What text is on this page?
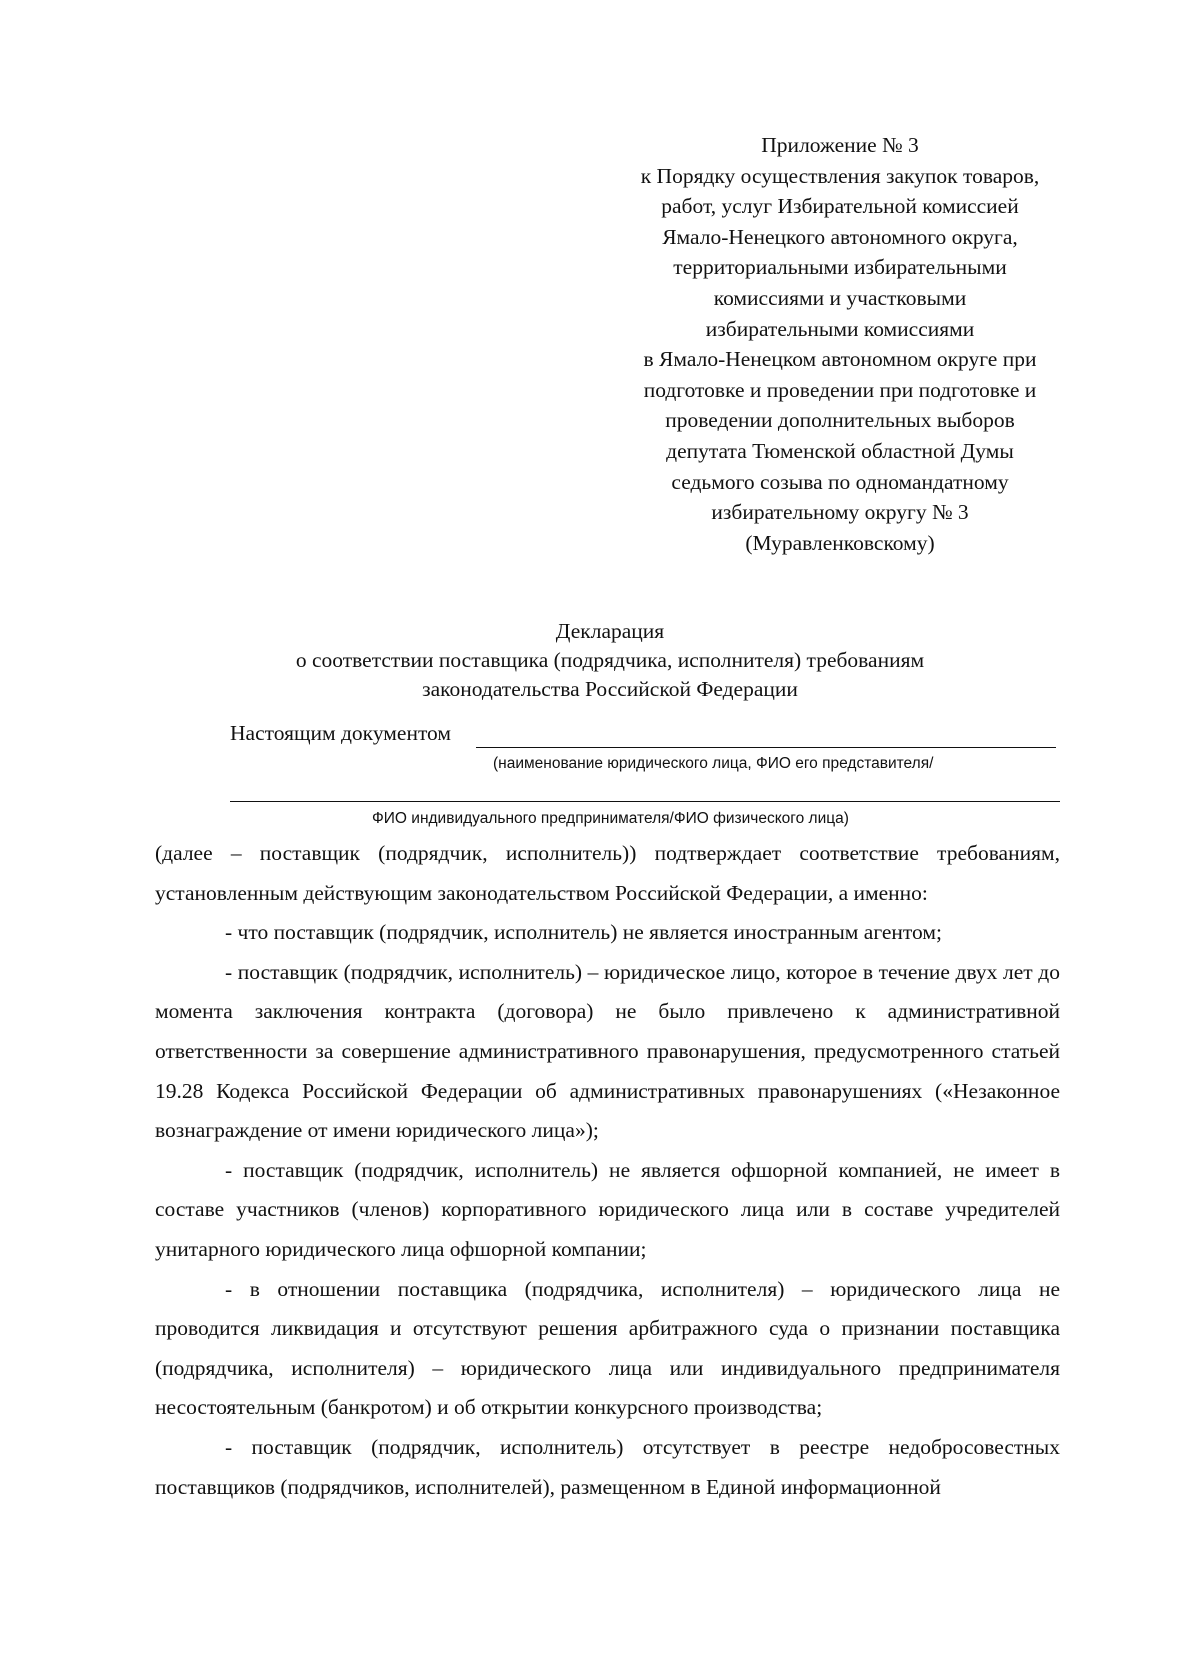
Приложение № 3
к Порядку осуществления закупок товаров,
работ, услуг Избирательной комиссией
Ямало-Ненецкого автономного округа,
территориальными избирательными
комиссиями и участковыми
избирательными комиссиями
в Ямало-Ненецком автономном округе при
подготовке и проведении при подготовке и
проведении дополнительных выборов
депутата Тюменской областной Думы
седьмого созыва по одномандатному
избирательному округу № 3
(Муравленковскому)
Декларация
о соответствии поставщика (подрядчика, исполнителя) требованиям
законодательства Российской Федерации
Настоящим документом
(наименование юридического лица, ФИО его представителя/
ФИО индивидуального предпринимателя/ФИО физического лица)

(далее – поставщик (подрядчик, исполнитель)) подтверждает соответствие требованиям, установленным действующим законодательством Российской Федерации, а именно:

- что поставщик (подрядчик, исполнитель) не является иностранным агентом;

- поставщик (подрядчик, исполнитель) – юридическое лицо, которое в течение двух лет до момента заключения контракта (договора) не было привлечено к административной ответственности за совершение административного правонарушения, предусмотренного статьей 19.28 Кодекса Российской Федерации об административных правонарушениях («Незаконное вознаграждение от имени юридического лица»);

- поставщик (подрядчик, исполнитель) не является офшорной компанией, не имеет в составе участников (членов) корпоративного юридического лица или в составе учредителей унитарного юридического лица офшорной компании;

- в отношении поставщика (подрядчика, исполнителя) – юридического лица не проводится ликвидация и отсутствуют решения арбитражного суда о признании поставщика (подрядчика, исполнителя) – юридического лица или индивидуального предпринимателя несостоятельным (банкротом) и об открытии конкурсного производства;

- поставщик (подрядчик, исполнитель) отсутствует в реестре недобросовестных поставщиков (подрядчиков, исполнителей), размещенном в Единой информационной
